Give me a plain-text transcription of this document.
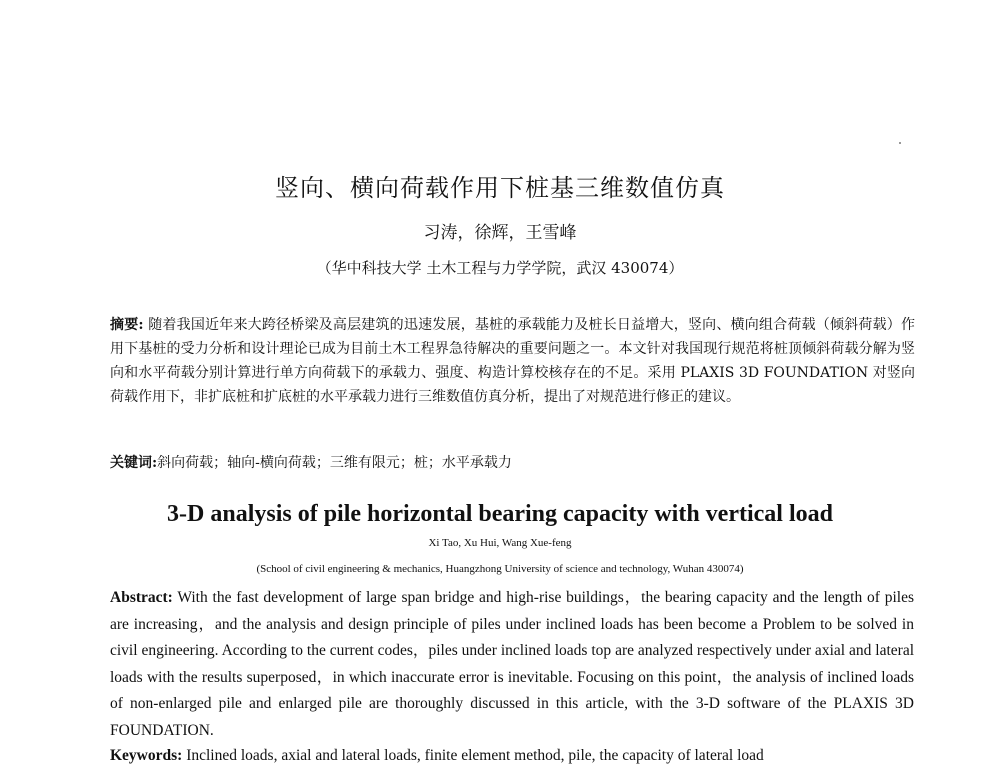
竖向、横向荷载作用下桩基三维数值仿真
习涛，徐辉，王雪峰
（华中科技大学 土木工程与力学学院，武汉 430074）
摘要: 随着我国近年来大跨径桥梁及高层建筑的迅速发展，基桩的承载能力及桩长日益增大，竖向、横向组合荷载（倾斜荷载）作用下基桩的受力分析和设计理论已成为目前土木工程界急待解决的重要问题之一。本文针对我国现行规范将桩顶倾斜荷载分解为竖向和水平荷载分别计算进行单方向荷载下的承载力、强度、构造计算校核存在的不足。采用 PLAXIS 3D FOUNDATION 对竖向荷载作用下，非扩底桩和扩底桩的水平承载力进行三维数值仿真分析，提出了对规范进行修正的建议。
关键词:斜向荷载；轴向-横向荷载；三维有限元；桩；水平承载力
3-D analysis of pile horizontal bearing capacity with vertical load
Xi Tao, Xu Hui, Wang Xue-feng
(School of civil engineering & mechanics, Huangzhong University of science and technology, Wuhan 430074)
Abstract: With the fast development of large span bridge and high-rise buildings，the bearing capacity and the length of piles are increasing，and the analysis and design principle of piles under inclined loads has been become a Problem to be solved in civil engineering. According to the current codes，piles under inclined loads top are analyzed respectively under axial and lateral loads with the results superposed，in which inaccurate error is inevitable. Focusing on this point，the analysis of inclined loads of non-enlarged pile and enlarged pile are thoroughly discussed in this article, with the 3-D software of the PLAXIS 3D FOUNDATION.
Keywords: Inclined loads, axial and lateral loads, finite element method, pile, the capacity of lateral load
